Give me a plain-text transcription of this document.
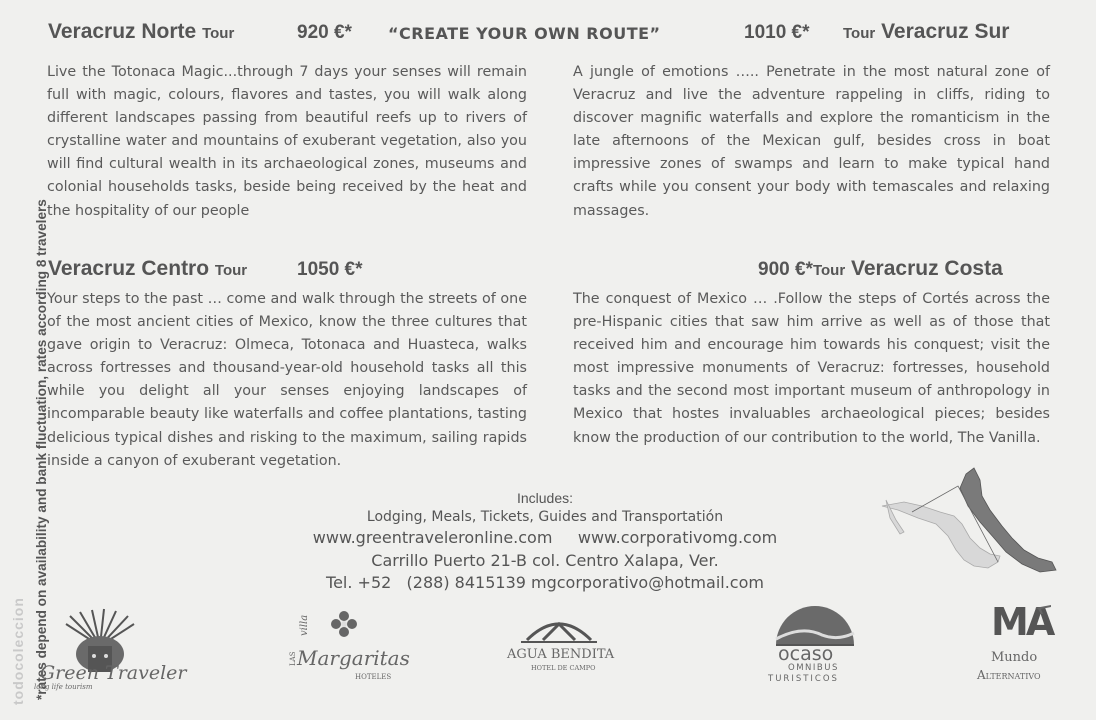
todocoleccion *rates depend on availability and bank fluctuation, rates according 8 travelers
Veracruz Norte Tour	920 €* “CREATE YOUR OWN ROUTE”	1010 €* Tour Veracruz Sur
Live the Totonaca Magic...through 7 days your senses will remain full with magic, colours, flavores and tastes, you will walk along different landscapes passing from beautiful reefs up to rivers of crystalline water and mountains of exuberant vegetation, also you will find cultural wealth in its archaeological zones, museums and colonial households tasks, beside being received by the heat and the hospitality of our people
A jungle of emotions ….. Penetrate in the most natural zone of Veracruz and live the adventure rappeling in cliffs, riding to discover magnific waterfalls and explore the romanticism in the late afternoons of the Mexican gulf, besides cross in boat impressive zones of swamps and learn to make typical hand crafts while you consent your body with temascales and relaxing massages.
Veracruz Centro Tour	1050 €*	900 €*Tour Veracruz Costa
Your steps to the past … come and walk through the streets of one of the most ancient cities of Mexico, know the three cultures that gave origin to Veracruz: Olmeca, Totonaca and Huasteca, walks across fortresses and thousand-year-old household tasks all this while you delight all your senses enjoying landscapes of incomparable beauty like waterfalls and coffee plantations, tasting delicious typical dishes and risking to the maximum, sailing rapids inside a canyon of exuberant vegetation.
The conquest of Mexico … .Follow the steps of Cortés across the pre-Hispanic cities that saw him arrive as well as of those that received him and encourage him towards his conquest; visit the most impressive monuments of Veracruz: fortresses, household tasks and the second most important museum of anthropology in Mexico that hostes invaluables archaeological pieces; besides know the production of our contribution to the world, The Vanilla.
Includes:
Lodging, Meals, Tickets, Guides and Transportatión
www.greentraveleronline.com     www.corporativomg.com
Carrillo Puerto 21-B col. Centro Xalapa, Ver.
Tel. +52   (288) 8415139 mgcorporativo@hotmail.com
Green Traveler
long life tourism
villa
LAS Margaritas
HOTELES
AGUA BENDITA
HOTEL DE CAMPO
ocaso
OMNIBUS
TURISTICOS
MA
Mundo
Alternativo
